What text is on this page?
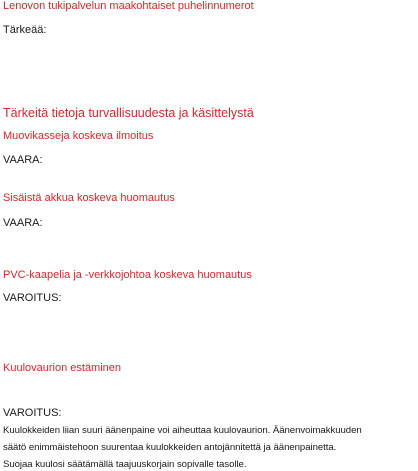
Lenovon tukipalvelun maakohtaiset puhelinnumerot
Tärkeää:
Tärkeitä tietoja turvallisuudesta ja käsittelystä
Muovikasseja koskeva ilmoitus
VAARA:
Sisäistä akkua koskeva huomautus
VAARA:
PVC-kaapelia ja -verkkojohtoa koskeva huomautus
VAROITUS:
Kuulovaurion estäminen
VAROITUS:
Kuulokkeiden liian suuri äänenpaine voi aiheuttaa kuulovaurion. Äänenvoimakkuuden
säätö enimmäistehoon suurentaa kuulokkeiden antojännitettä ja äänenpainetta.
Suojaa kuulosi säätämällä taajuuskorjain sopivalle tasolle.
